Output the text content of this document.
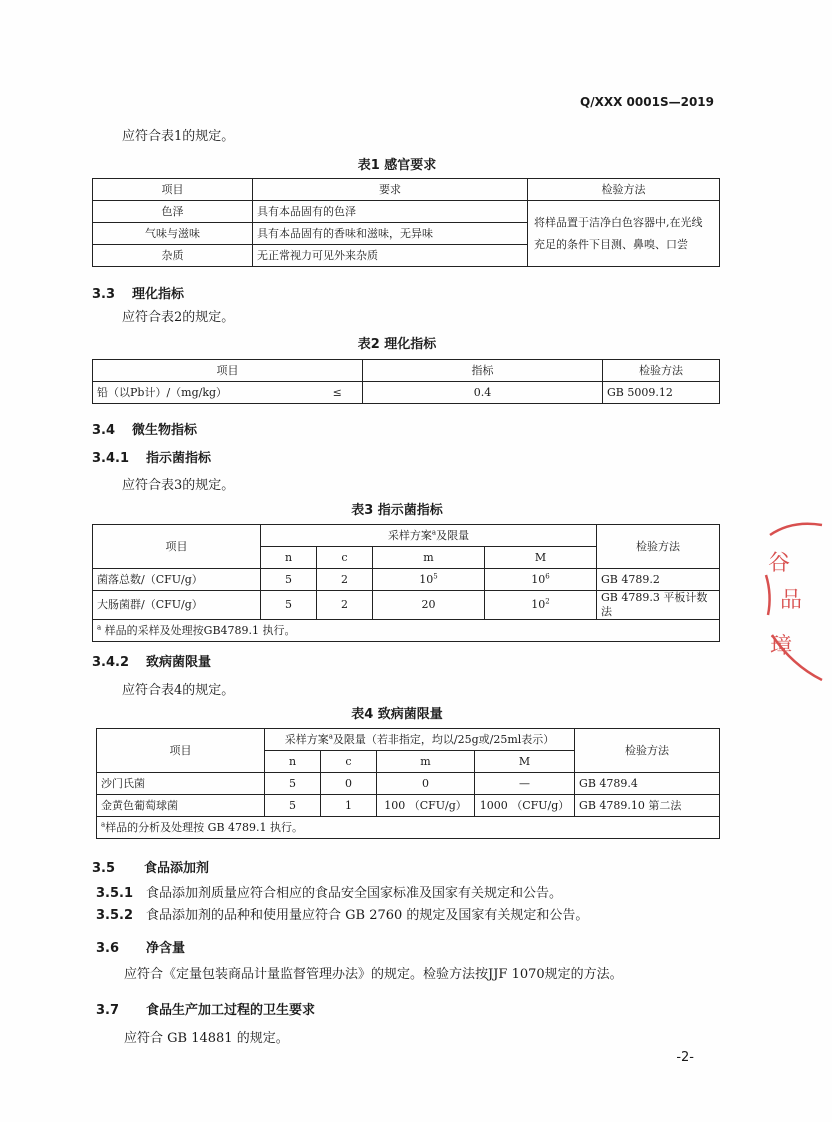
Q/XXX 0001S—2019
应符合表1的规定。
表1 感官要求
项目	要求	检验方法
色泽	具有本品固有的色泽	将样品置于洁净白色容器中,在光线充足的条件下目测、鼻嗅、口尝
气味与滋味	具有本品固有的香味和滋味，无异味	
杂质	无正常视力可见外来杂质	
3.3 理化指标
应符合表2的规定。
表2 理化指标
项目		指标	检验方法
铅（以Pb计）/（mg/kg）	≤	0.4	GB 5009.12
3.4 微生物指标
3.4.1 指示菌指标
应符合表3的规定。
表3 指示菌指标
项目	采样方案$^a$及限量				检验方法
	n	c	m	M	
菌落总数/（CFU/g）	5	2	$10^5$	$10^6$	GB 4789.2
大肠菌群/（CFU/g）	5	2	20	$10^2$	GB 4789.3 平板计数法
$^a$ 样品的采样及处理按GB4789.1 执行。					
3.4.2 致病菌限量
应符合表4的规定。
表4 致病菌限量
项目	采样方案$^a$及限量（若非指定，均以/25g或/25ml表示）				检验方法
	n	c	m	M	
沙门氏菌	5	0	0	—	GB 4789.4
金黄色葡萄球菌	5	1	100 （CFU/g）	1000 （CFU/g）	GB 4789.10 第二法
$^a$样品的分析及处理按 GB 4789.1 执行。					
3.5 食品添加剂
3.5.1 食品添加剂质量应符合相应的食品安全国家标准及国家有关规定和公告。
3.5.2 食品添加剂的品种和使用量应符合 GB 2760 的规定及国家有关规定和公告。
3.6 净含量
应符合《定量包装商品计量监督管理办法》的规定。检验方法按JJF 1070规定的方法。
3.7 食品生产加工过程的卫生要求
应符合 GB 14881 的规定。
-2-
谷
品
璋
